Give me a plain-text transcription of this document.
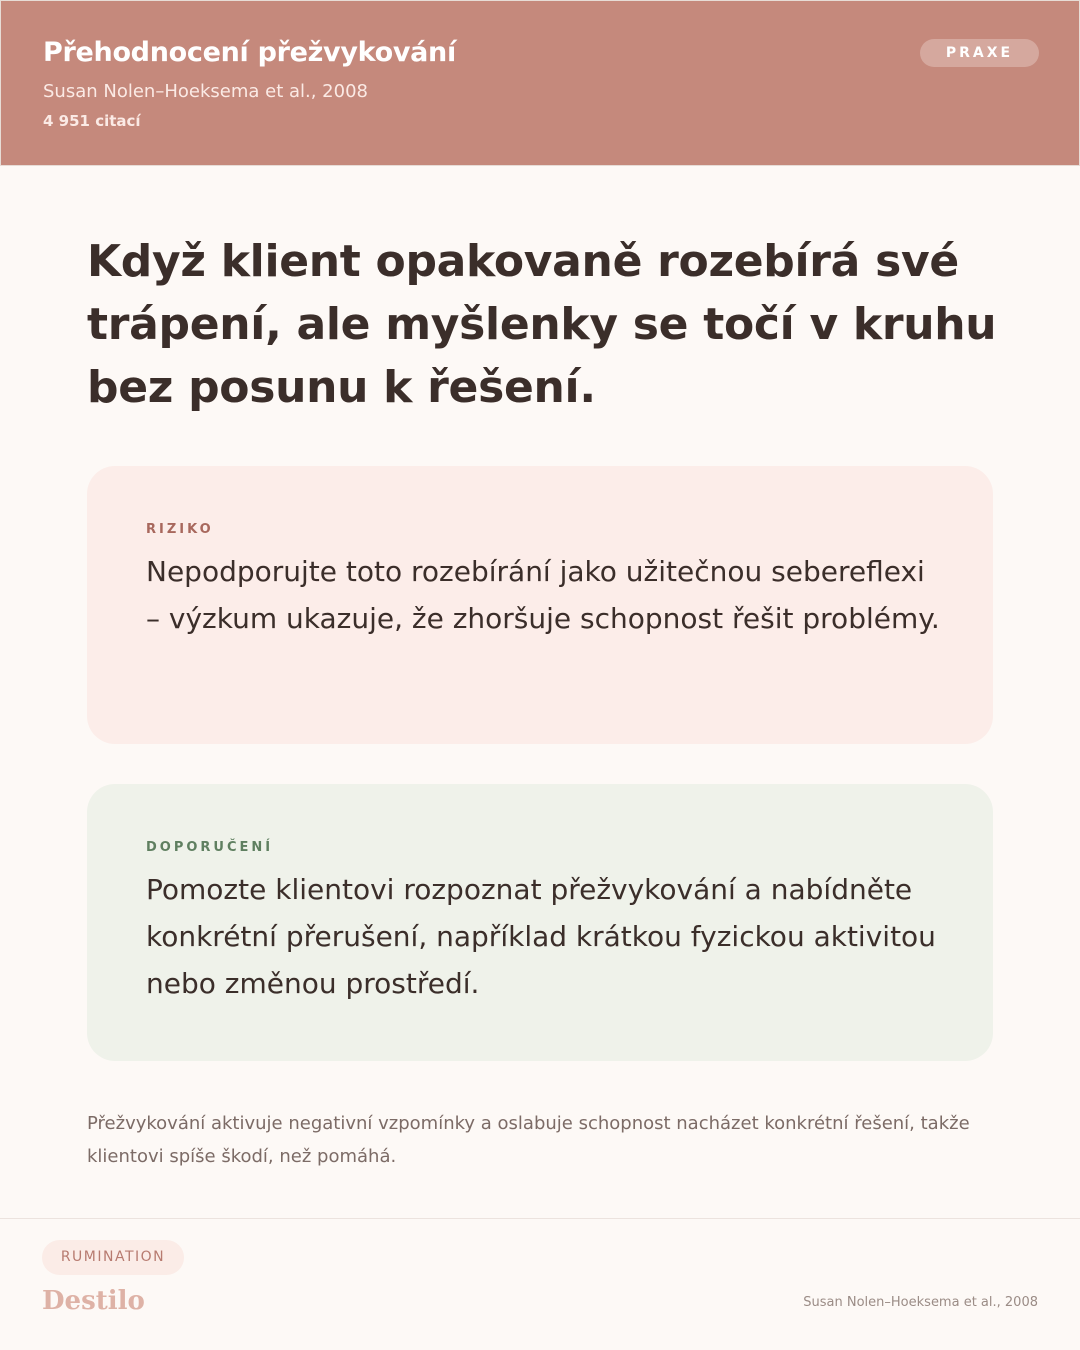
Přehodnocení přežvykování
Susan Nolen–Hoeksema et al., 2008
4 951 citací
PRAXE
Když klient opakovaně rozebírá své trápení, ale myšlenky se točí v kruhu bez posunu k řešení.
RIZIKO
Nepodporujte toto rozebírání jako užitečnou sebereflexi – výzkum ukazuje, že zhoršuje schopnost řešit problémy.
DOPORUČENÍ
Pomozte klientovi rozpoznat přežvykování a nabídněte konkrétní přerušení, například krátkou fyzickou aktivitou nebo změnou prostředí.
Přežvykování aktivuje negativní vzpomínky a oslabuje schopnost nacházet konkrétní řešení, takže klientovi spíše škodí, než pomáhá.
RUMINATION
Destilo	Susan Nolen–Hoeksema et al., 2008
